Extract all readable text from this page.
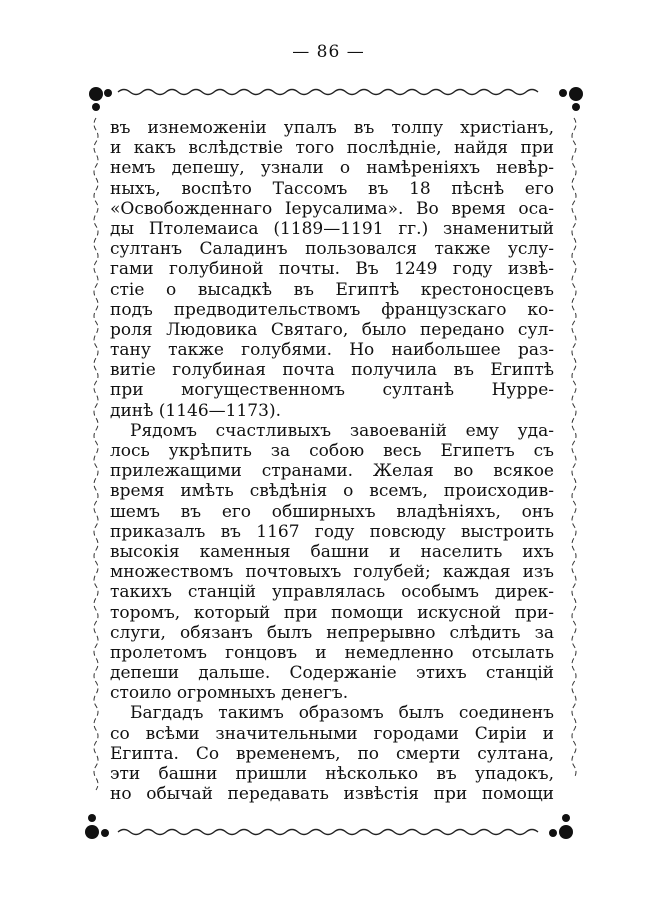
— 86 —
въ изнеможеніи упалъ въ толпу христіанъ,
и какъ вслѣдствіе того послѣдніе, найдя при
немъ депешу, узнали о намѣреніяхъ невѣр-
ныхъ, воспѣто Тассомъ въ 18 пѣснѣ его
«Освобожденнаго Іерусалима». Во время оса-
ды Птолемаиса (1189—1191 гг.) знаменитый
султанъ Саладинъ пользовался также услу-
гами голубиной почты. Въ 1249 году извѣ-
стіе о высадкѣ въ Египтѣ крестоносцевъ
подъ предводительствомъ французскаго ко-
роля Людовика Святаго, было передано сул-
тану также голубями. Но наибольшее раз-
витіе голубиная почта получила въ Египтѣ
при могущественномъ султанѣ Нурре-
динѣ (1146—1173).
Рядомъ счастливыхъ завоеваній ему уда-
лось укрѣпить за собою весь Египетъ съ
прилежащими странами. Желая во всякое
время имѣть свѣдѣнія о всемъ, происходив-
шемъ въ его обширныхъ владѣніяхъ, онъ
приказалъ въ 1167 году повсюду выстроить
высокія каменныя башни и населить ихъ
множествомъ почтовыхъ голубей; каждая изъ
такихъ станцій управлялась особымъ дирек-
торомъ, который при помощи искусной при-
слуги, обязанъ былъ непрерывно слѣдить за
пролетомъ гонцовъ и немедленно отсылать
депеши дальше. Содержаніе этихъ станцій
стоило огромныхъ денегъ.
Багдадъ такимъ образомъ былъ соединенъ
со всѣми значительными городами Сиріи и
Египта. Со временемъ, по смерти султана,
эти башни пришли нѣсколько въ упадокъ,
но обычай передавать извѣстія при помощи
